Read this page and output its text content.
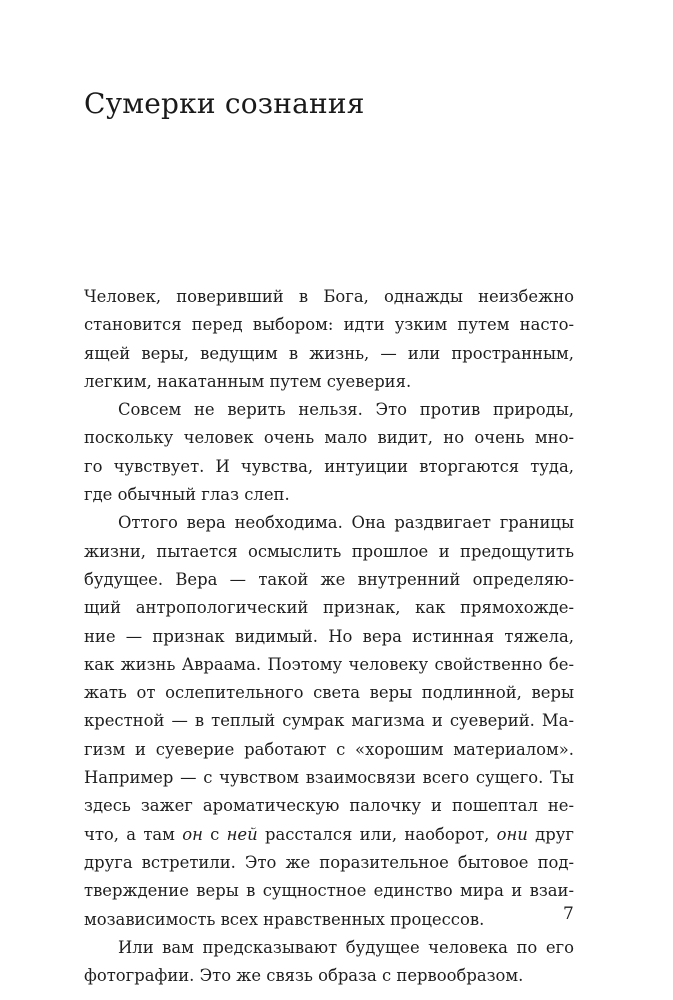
Сумерки сознания
Человек, поверивший в Бога, однажды неизбежно
становится перед выбором: идти узким путем насто-
ящей веры, ведущим в жизнь, — или пространным,
легким, накатанным путем суеверия.
Совсем не верить нельзя. Это против природы,
поскольку человек очень мало видит, но очень мно-
го чувствует. И чувства, интуиции вторгаются туда,
где обычный глаз слеп.
Оттого вера необходима. Она раздвигает границы
жизни, пытается осмыслить прошлое и предощутить
будущее. Вера — такой же внутренний определяю-
щий антропологический признак, как прямохожде-
ние — признак видимый. Но вера истинная тяжела,
как жизнь Авраама. Поэтому человеку свойственно бе-
жать от ослепительного света веры подлинной, веры
крестной — в теплый сумрак магизма и суеверий. Ма-
гизм и суеверие работают с «хорошим материалом».
Например — с чувством взаимосвязи всего сущего. Ты
здесь зажег ароматическую палочку и пошептал не-
что, а там он с ней расстался или, наоборот, они друг
друга встретили. Это же поразительное бытовое под-
тверждение веры в сущностное единство мира и взаи-
мозависимость всех нравственных процессов.
Или вам предсказывают будущее человека по его
фотографии. Это же связь образа с первообразом.
7
